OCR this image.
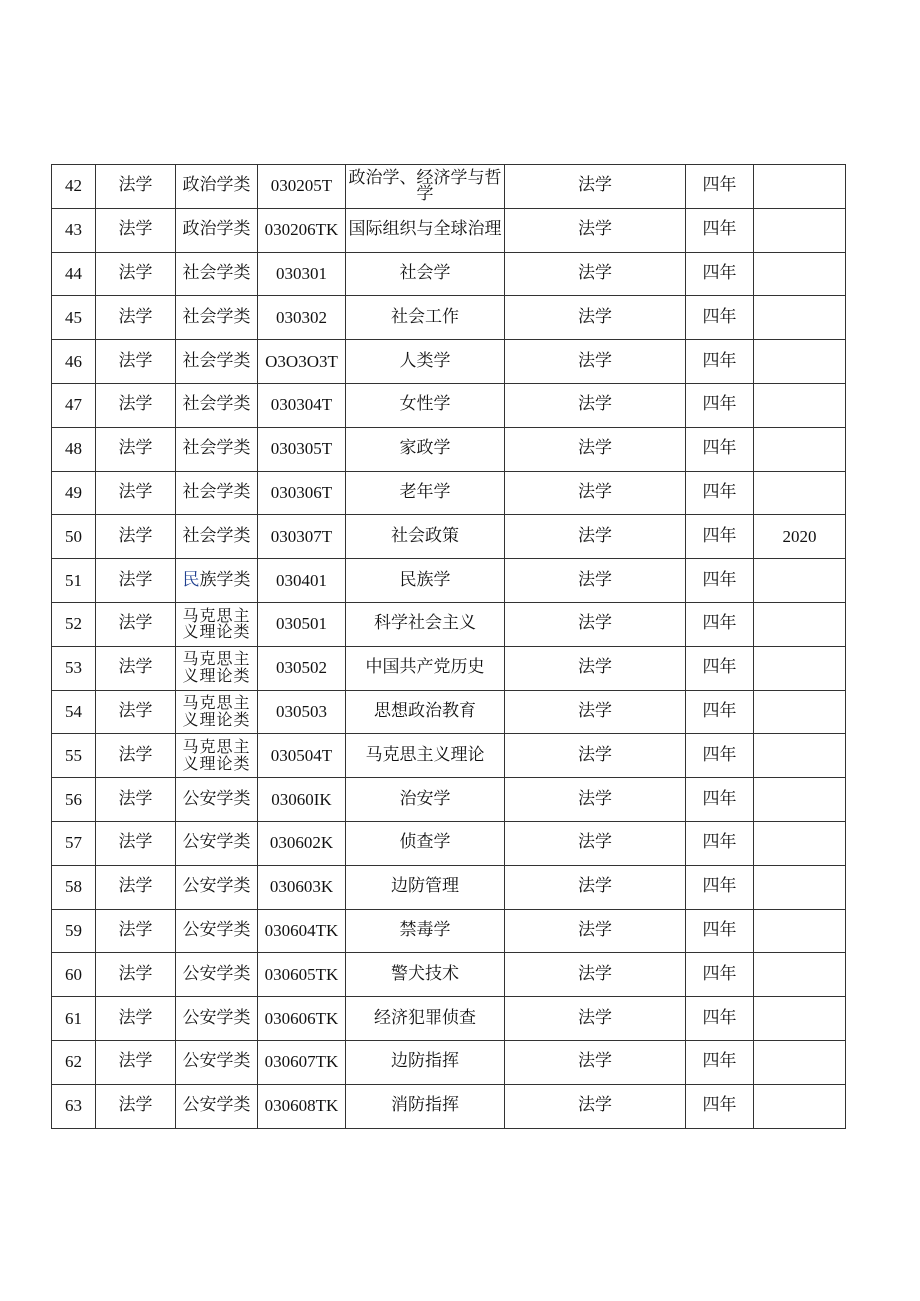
42	法学	政治学类	030205T	政治学、经济学与哲学	法学	四年	
43	法学	政治学类	030206TK	国际组织与全球治理	法学	四年	
44	法学	社会学类	030301	社会学	法学	四年	
45	法学	社会学类	030302	社会工作	法学	四年	
46	法学	社会学类	O3O3O3T	人类学	法学	四年	
47	法学	社会学类	030304T	女性学	法学	四年	
48	法学	社会学类	030305T	家政学	法学	四年	
49	法学	社会学类	030306T	老年学	法学	四年	
50	法学	社会学类	030307T	社会政策	法学	四年	2020
51	法学	民族学类	030401	民族学	法学	四年	
52	法学	马克思主义理论类	030501	科学社会主义	法学	四年	
53	法学	马克思主义理论类	030502	中国共产党历史	法学	四年	
54	法学	马克思主义理论类	030503	思想政治教育	法学	四年	
55	法学	马克思主义理论类	030504T	马克思主义理论	法学	四年	
56	法学	公安学类	03060IK	治安学	法学	四年	
57	法学	公安学类	030602K	侦查学	法学	四年	
58	法学	公安学类	030603K	边防管理	法学	四年	
59	法学	公安学类	030604TK	禁毒学	法学	四年	
60	法学	公安学类	030605TK	警犬技术	法学	四年	
61	法学	公安学类	030606TK	经济犯罪侦查	法学	四年	
62	法学	公安学类	030607TK	边防指挥	法学	四年	
63	法学	公安学类	030608TK	消防指挥	法学	四年	
